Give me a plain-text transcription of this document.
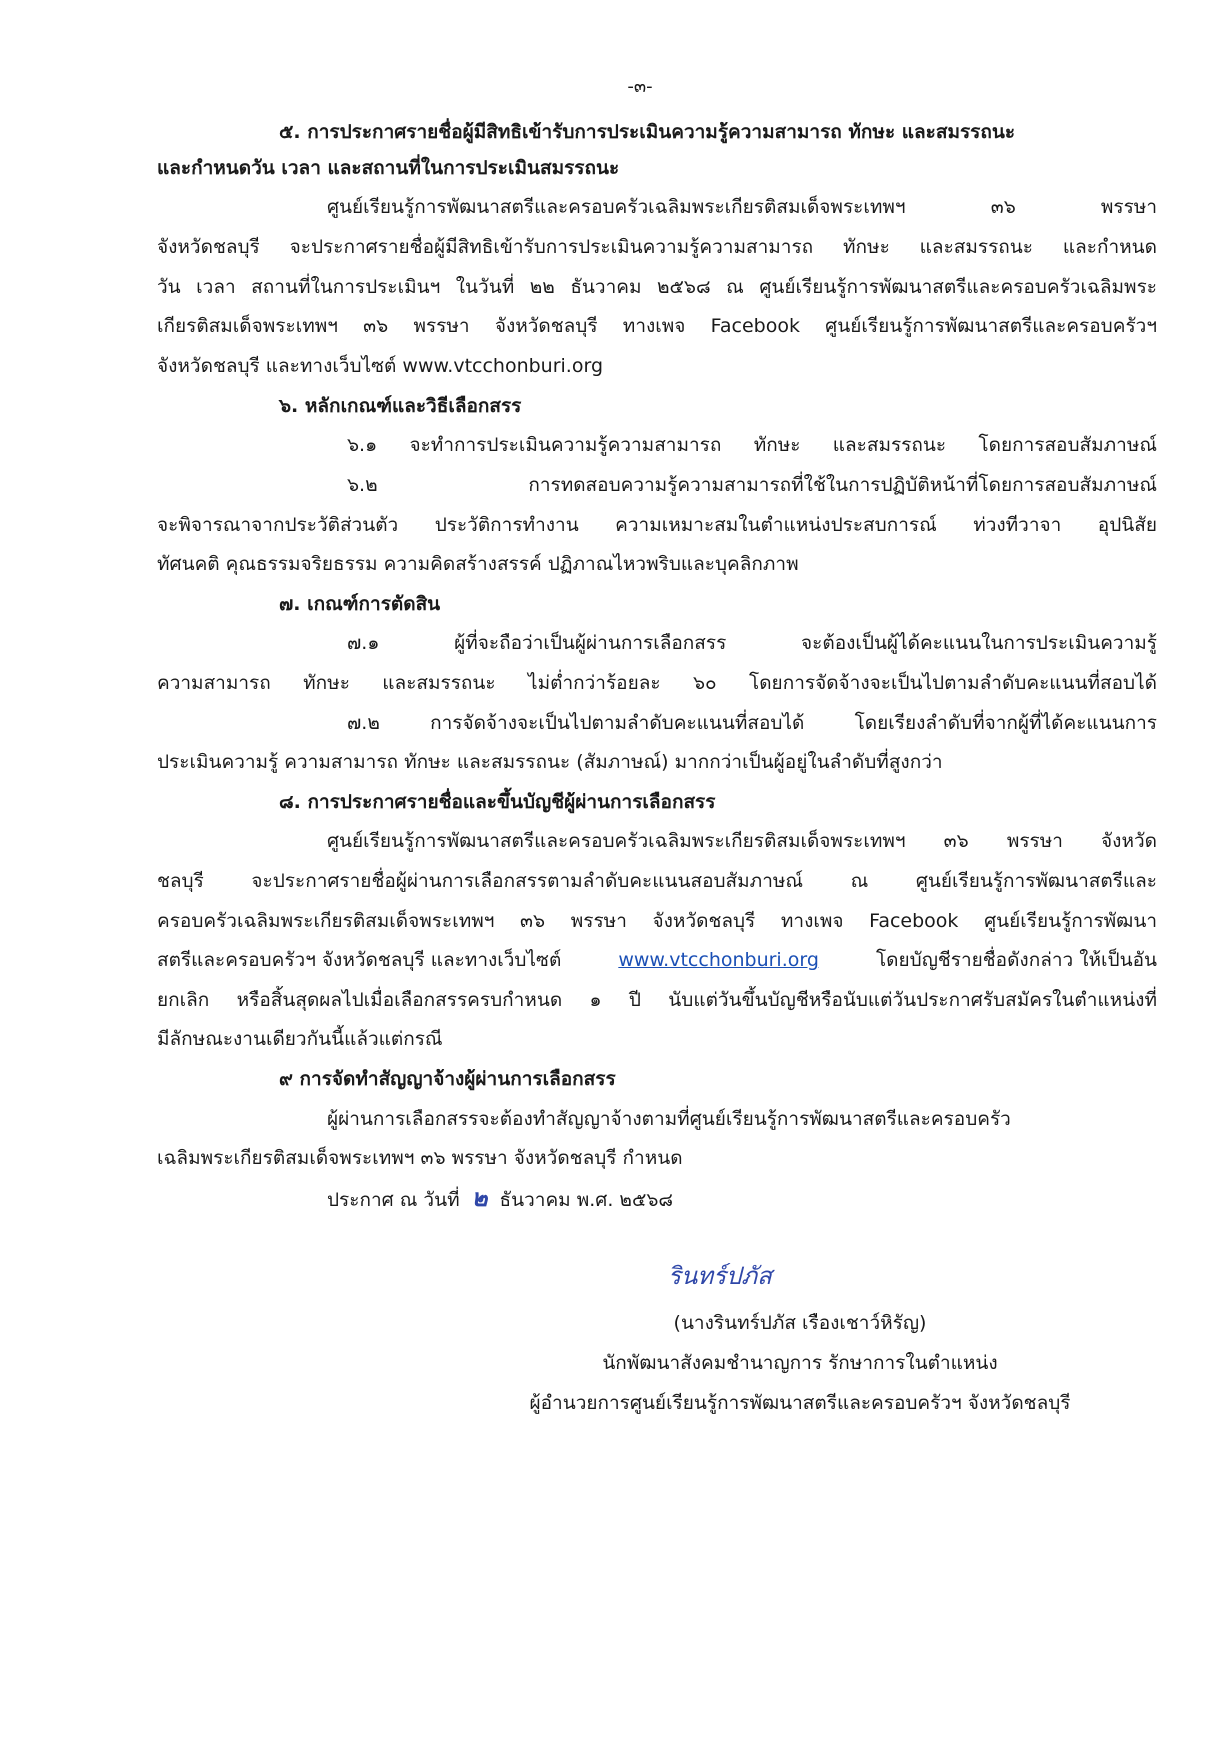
-๓-
๕. การประกาศรายชื่อผู้มีสิทธิเข้ารับการประเมินความรู้ความสามารถ ทักษะ และสมรรถนะ
และกำหนดวัน เวลา และสถานที่ในการประเมินสมรรถนะ
ศูนย์เรียนรู้การพัฒนาสตรีและครอบครัวเฉลิมพระเกียรติสมเด็จพระเทพฯ ๓๖ พรรษา
จังหวัดชลบุรี จะประกาศรายชื่อผู้มีสิทธิเข้ารับการประเมินความรู้ความสามารถ ทักษะ และสมรรถนะ และกำหนด
วัน เวลา สถานที่ในการประเมินฯ ในวันที่ ๒๒ ธันวาคม ๒๕๖๘ ณ ศูนย์เรียนรู้การพัฒนาสตรีและครอบครัวเฉลิมพระ
เกียรติสมเด็จพระเทพฯ ๓๖ พรรษา จังหวัดชลบุรี ทางเพจ Facebook ศูนย์เรียนรู้การพัฒนาสตรีและครอบครัวฯ
จังหวัดชลบุรี และทางเว็บไซต์ www.vtcchonburi.org
๖. หลักเกณฑ์และวิธีเลือกสรร
๖.๑ จะทำการประเมินความรู้ความสามารถ ทักษะ และสมรรถนะ โดยการสอบสัมภาษณ์
๖.๒ การทดสอบความรู้ความสามารถที่ใช้ในการปฏิบัติหน้าที่โดยการสอบสัมภาษณ์
จะพิจารณาจากประวัติส่วนตัว ประวัติการทำงาน ความเหมาะสมในตำแหน่งประสบการณ์ ท่วงทีวาจา อุปนิสัย
ทัศนคติ คุณธรรมจริยธรรม ความคิดสร้างสรรค์ ปฏิภาณไหวพริบและบุคลิกภาพ
๗. เกณฑ์การตัดสิน
๗.๑ ผู้ที่จะถือว่าเป็นผู้ผ่านการเลือกสรร จะต้องเป็นผู้ได้คะแนนในการประเมินความรู้
ความสามารถ ทักษะ และสมรรถนะ ไม่ต่ำกว่าร้อยละ ๖๐ โดยการจัดจ้างจะเป็นไปตามลำดับคะแนนที่สอบได้
๗.๒ การจัดจ้างจะเป็นไปตามลำดับคะแนนที่สอบได้ โดยเรียงลำดับที่จากผู้ที่ได้คะแนนการ
ประเมินความรู้ ความสามารถ ทักษะ และสมรรถนะ (สัมภาษณ์) มากกว่าเป็นผู้อยู่ในลำดับที่สูงกว่า
๘. การประกาศรายชื่อและขึ้นบัญชีผู้ผ่านการเลือกสรร
ศูนย์เรียนรู้การพัฒนาสตรีและครอบครัวเฉลิมพระเกียรติสมเด็จพระเทพฯ ๓๖ พรรษา จังหวัด
ชลบุรี จะประกาศรายชื่อผู้ผ่านการเลือกสรรตามลำดับคะแนนสอบสัมภาษณ์ ณ ศูนย์เรียนรู้การพัฒนาสตรีและ
ครอบครัวเฉลิมพระเกียรติสมเด็จพระเทพฯ ๓๖ พรรษา จังหวัดชลบุรี ทางเพจ Facebook ศูนย์เรียนรู้การพัฒนา
สตรีและครอบครัวฯ จังหวัดชลบุรี และทางเว็บไซต์	www.vtcchonburi.org	โดยบัญชีรายชื่อดังกล่าว ให้เป็นอัน
ยกเลิก หรือสิ้นสุดผลไปเมื่อเลือกสรรครบกำหนด ๑ ปี นับแต่วันขึ้นบัญชีหรือนับแต่วันประกาศรับสมัครในตำแหน่งที่
มีลักษณะงานเดียวกันนี้แล้วแต่กรณี
๙ การจัดทำสัญญาจ้างผู้ผ่านการเลือกสรร
ผู้ผ่านการเลือกสรรจะต้องทำสัญญาจ้างตามที่ศูนย์เรียนรู้การพัฒนาสตรีและครอบครัว
เฉลิมพระเกียรติสมเด็จพระเทพฯ ๓๖ พรรษา จังหวัดชลบุรี กำหนด
ประกาศ ณ วันที่ ๒ ธันวาคม พ.ศ. ๒๕๖๘
รินทร์ปภัส
(นางรินทร์ปภัส เรืองเชาว์หิรัญ)
นักพัฒนาสังคมชำนาญการ รักษาการในตำแหน่ง
ผู้อำนวยการศูนย์เรียนรู้การพัฒนาสตรีและครอบครัวฯ จังหวัดชลบุรี
